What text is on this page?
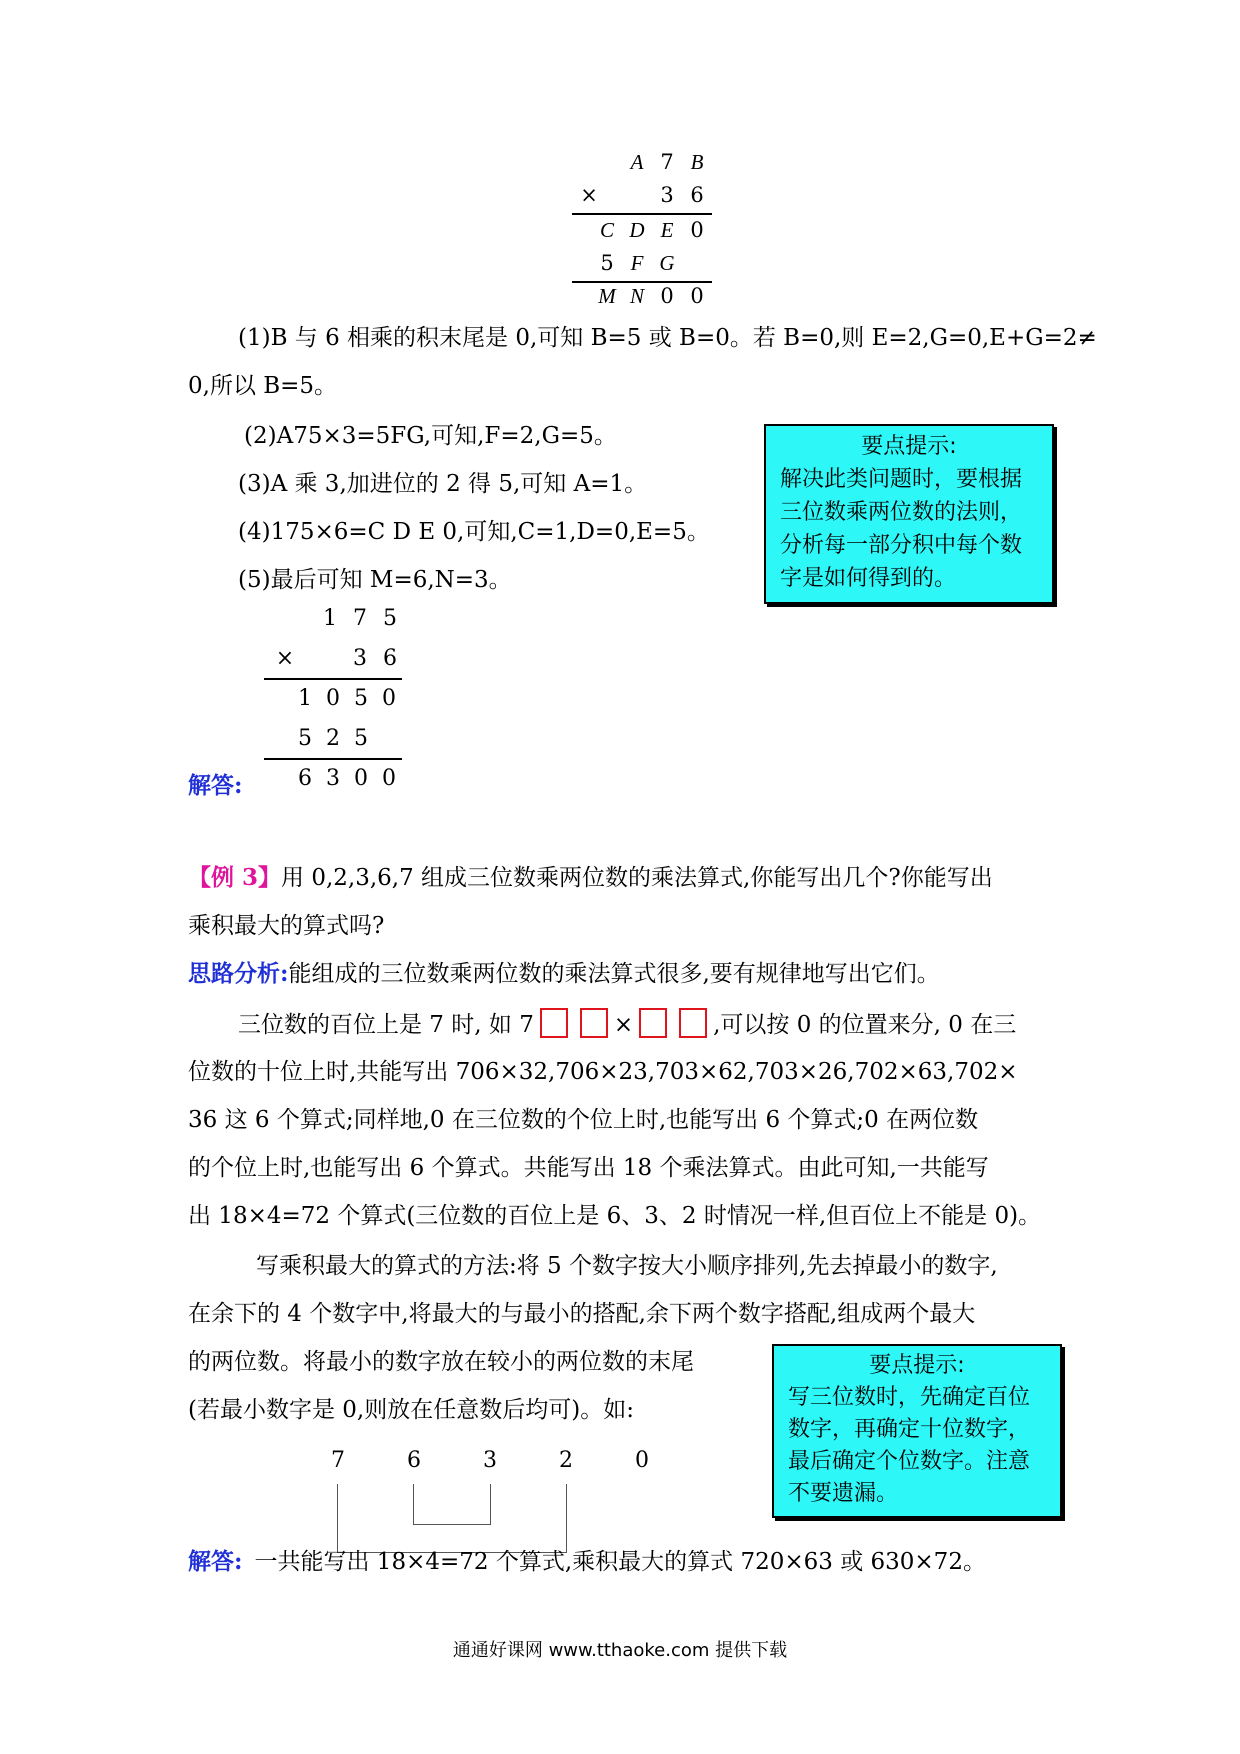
A 7 B
×	3 6
C D E 0
5 F G
M N 0 0
(1)B 与 6 相乘的积末尾是 0,可知 B=5 或 B=0。若 B=0,则 E=2,G=0,E+G=2≠
0,所以 B=5。
(2)A75×3=5FG,可知,F=2,G=5。
(3)A 乘 3,加进位的 2 得 5,可知 A=1。
(4)175×6=C D E 0,可知,C=1,D=0,E=5。
(5)最后可知 M=6,N=3。
要点提示:
解决此类问题时，要根据
三位数乘两位数的法则，
分析每一部分积中每个数
字是如何得到的。
1 7 5
×	3 6
1 0 5 0
5 2 5
6 3 0 0
解答:
【例 3】用 0,2,3,6,7 组成三位数乘两位数的乘法算式,你能写出几个?你能写出
乘积最大的算式吗?
思路分析:能组成的三位数乘两位数的乘法算式很多,要有规律地写出它们。
三位数的百位上是 7 时, 如 7	×	,可以按 0 的位置来分, 0 在三
位数的十位上时,共能写出 706×32,706×23,703×62,703×26,702×63,702×
36 这 6 个算式;同样地,0 在三位数的个位上时,也能写出 6 个算式;0 在两位数
的个位上时,也能写出 6 个算式。共能写出 18 个乘法算式。由此可知,一共能写
出 18×4=72 个算式(三位数的百位上是 6、3、2 时情况一样,但百位上不能是 0)。
写乘积最大的算式的方法:将 5 个数字按大小顺序排列,先去掉最小的数字,
在余下的 4 个数字中,将最大的与最小的搭配,余下两个数字搭配,组成两个最大
的两位数。将最小的数字放在较小的两位数的末尾
(若最小数字是 0,则放在任意数后均可)。如:
7	6	3	2	0
要点提示:
写三位数时，先确定百位
数字，再确定十位数字，
最后确定个位数字。注意
不要遗漏。
解答: 一共能写出 18×4=72 个算式,乘积最大的算式 720×63 或 630×72。
通通好课网 www.tthaoke.com 提供下载
